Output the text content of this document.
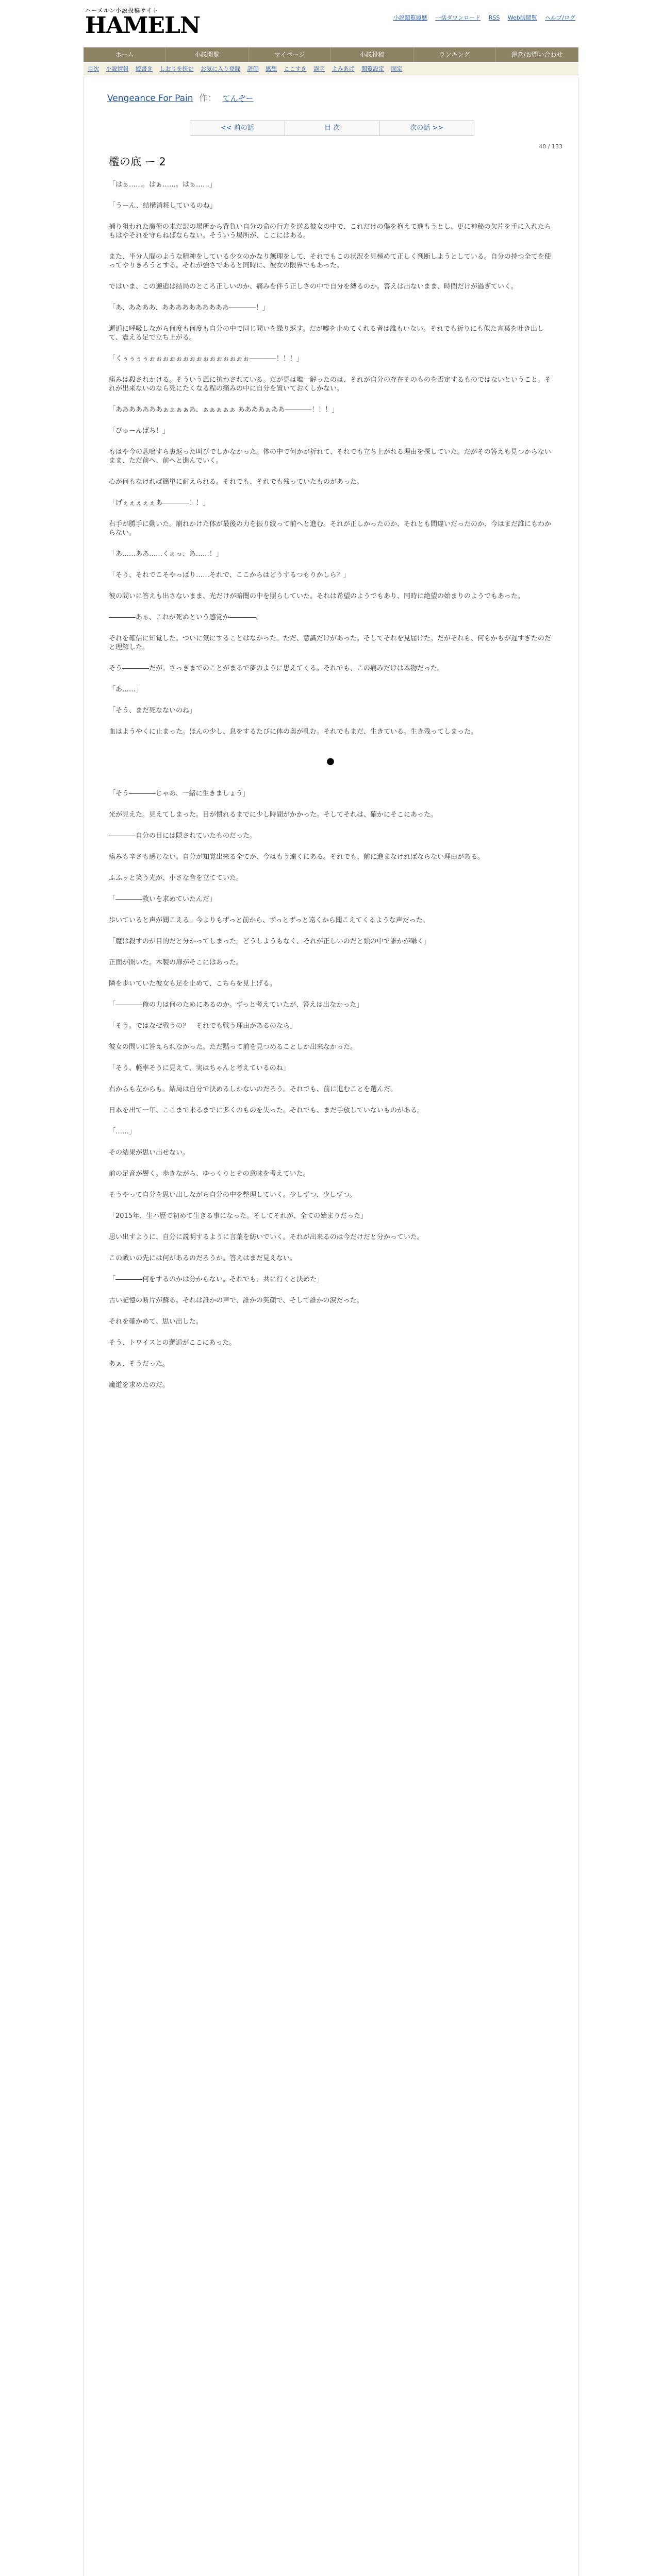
ハーメルン小説投稿サイト
HAMELN	小説閲覧履歴 一括ダウンロード RSS Web版閲覧 ヘルプ/ログ
ホーム	小説閲覧	マイページ	小説投稿	ランキング	運営/お問い合わせ
目次 小説情報 縦書き しおりを挟む お気に入り登録 評価 感想 ここすき 誤字 よみあげ 閲覧設定 固定
Vengeance For Pain 作： てんぞー
<< 前の話	目 次	次の話 >>
40 / 133
檻の底 ー 2

「はぁ……。はぁ……。はぁ……」

「うーん、結構消耗しているのね」

捕り狙われた魔術の未だ訳の場所から背負い自分の命の行方を送る彼女の中で、これだけの傷を抱えて進もうとし、更に神秘の欠片を手に入れたらもはやそれを守らねばならない。そういう場所が、ここにはある。

また、半分人間のような精神をしている少女のかなり無理をして、それでもこの状況を見極めて正しく判断しようとしている。自分の持つ全てを使ってやりきろうとする。それが強さであると同時に、彼女の限界でもあった。

ではいま、この邂逅は結局のところ正しいのか、痛みを伴う正しさの中で自分を縛るのか。答えは出ないまま、時間だけが過ぎていく。

「あ、ああああ、ああああああああああ――――！」

邂逅に呼吸しながら何度も何度も自分の中で同じ問いを繰り返す。だが嘘を止めてくれる者は誰もいない。それでも祈りにも似た言葉を吐き出して、震える足で立ち上がる。

「くぅぅぅぅぉぉぉぉぉぉぉぉぉぉぉぉぉぉぉ――――！！！」

痛みは殺されかける。そういう風に抗わされている。だが見は唯一解ったのは、それが自分の存在そのものを否定するものではないということ。それが出来ないのなら死にたくなる程の痛みの中に自分を置いておくしかない。

「あああああああぁぁぁぁあ、ぁぁぁぁぁ ああああぁああ――――！！！」

「ぴゅーんばち！」

もはや今の悲鳴すら裏返った叫びでしかなかった。体の中で何かが折れて、それでも立ち上がれる理由を探していた。だがその答えも見つからないまま、ただ前へ、前へと進んでいく。

心が何もなければ簡単に耐えられる。それでも、それでも残っていたものがあった。

「げぇぇぇぇぇあ――――！！」

右手が勝手に動いた。崩れかけた体が最後の力を振り絞って前へと進む。それが正しかったのか、それとも間違いだったのか、今はまだ誰にもわからない。

「あ……ああ……くぁっ、あ……！」

「そう、それでこそやっぱり……それで、ここからはどうするつもりかしら？」

彼の問いに答えも出さないまま、光だけが暗闇の中を照らしていた。それは希望のようでもあり、同時に絶望の始まりのようでもあった。

――――あぁ、これが死ぬという感覚か――――。

それを確信に知覚した。ついに気にすることはなかった。ただ、意識だけがあった。そしてそれを見届けた。だがそれも、何もかもが遅すぎたのだと理解した。

そう――――だが。さっきまでのことがまるで夢のように思えてくる。それでも、この痛みだけは本物だった。

「あ……」

「そう、まだ死なないのね」

血はようやくに止まった。ほんの少し、息をするたびに体の奥が軋む。それでもまだ、生きている。生き残ってしまった。

●

「そう――――じゃあ、一緒に生きましょう」

光が見えた。見えてしまった。目が慣れるまでに少し時間がかかった。そしてそれは、確かにそこにあった。

――――自分の目には隠されていたものだった。

痛みも辛さも感じない。自分が知覚出来る全てが、今はもう遠くにある。それでも、前に進まなければならない理由がある。

ふふッと笑う光が、小さな音を立てていた。

「――――救いを求めていたんだ」

歩いていると声が聞こえる。今よりもずっと前から、ずっとずっと遠くから聞こえてくるような声だった。

「魔は殺すのが目的だと分かってしまった。どうしようもなく、それが正しいのだと頭の中で誰かが囁く」

正面が開いた。木製の扉がそこにはあった。

隣を歩いていた彼女も足を止めて、こちらを見上げる。

「――――俺の力は何のためにあるのか。ずっと考えていたが、答えは出なかった」

「そう。ではなぜ戦うの？　それでも戦う理由があるのなら」

彼女の問いに答えられなかった。ただ黙って前を見つめることしか出来なかった。

「そう、軽率そうに見えて、実はちゃんと考えているのね」

右からも左からも。結局は自分で決めるしかないのだろう。それでも、前に進むことを選んだ。

日本を出て一年、ここまで来るまでに多くのものを失った。それでも、まだ手放していないものがある。

「……」

その結果が思い出せない。

前の足音が響く。歩きながら、ゆっくりとその意味を考えていた。

そうやって自分を思い出しながら自分の中を整理していく。少しずつ、少しずつ。

「2015年、生ハ歴で初めて生きる事になった。そしてそれが、全ての始まりだった」

思い出すように、自分に説明するように言葉を紡いでいく。それが出来るのは今だけだと分かっていた。

この戦いの先には何があるのだろうか。答えはまだ見えない。

「――――何をするのかは分からない。それでも、共に行くと決めた」

古い記憶の断片が蘇る。それは誰かの声で、誰かの笑顔で、そして誰かの涙だった。

それを確かめて、思い出した。

そう、トワイスとの邂逅がここにあった。

あぁ、そうだった。

魔道を求めたのだ。
